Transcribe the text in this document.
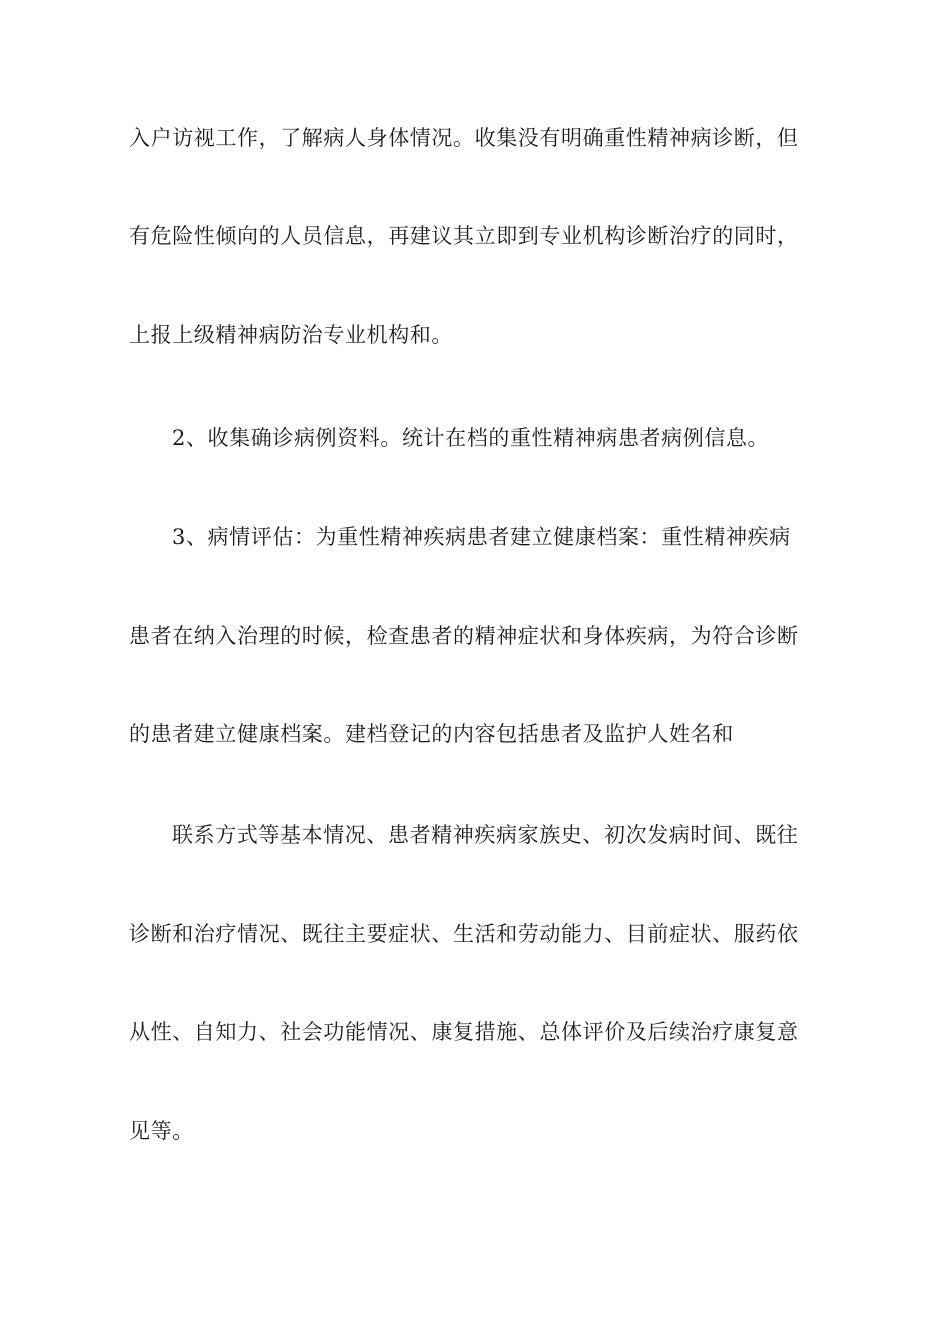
入户访视工作，了解病人身体情况。收集没有明确重性精神病诊断，但
有危险性倾向的人员信息，再建议其立即到专业机构诊断治疗的同时，
上报上级精神病防治专业机构和。
2、收集确诊病例资料。统计在档的重性精神病患者病例信息。
3、病情评估：为重性精神疾病患者建立健康档案：重性精神疾病
患者在纳入治理的时候，检查患者的精神症状和身体疾病，为符合诊断
的患者建立健康档案。建档登记的内容包括患者及监护人姓名和
联系方式等基本情况、患者精神疾病家族史、初次发病时间、既往
诊断和治疗情况、既往主要症状、生活和劳动能力、目前症状、服药依
从性、自知力、社会功能情况、康复措施、总体评价及后续治疗康复意
见等。
